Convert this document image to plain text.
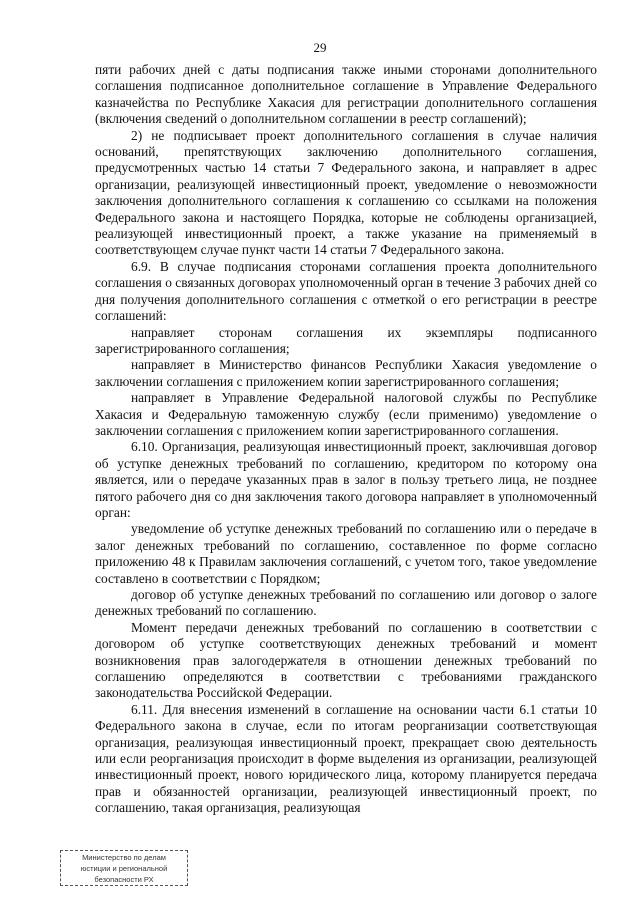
29

пяти рабочих дней с даты подписания также иными сторонами дополнительного соглашения подписанное дополнительное соглашение в Управление Федерального казначейства по Республике Хакасия для регистрации дополнительного соглашения (включения сведений о дополнительном соглашении в реестр соглашений);

2) не подписывает проект дополнительного соглашения в случае наличия оснований, препятствующих заключению дополнительного соглашения, предусмотренных частью 14 статьи 7 Федерального закона, и направляет в адрес организации, реализующей инвестиционный проект, уведомление о невозможности заключения дополнительного соглашения к соглашению со ссылками на положения Федерального закона и настоящего Порядка, которые не соблюдены организацией, реализующей инвестиционный проект, а также указание на применяемый в соответствующем случае пункт части 14 статьи 7 Федерального закона.

6.9. В случае подписания сторонами соглашения проекта дополнительного соглашения о связанных договорах уполномоченный орган в течение 3 рабочих дней со дня получения дополнительного соглашения с отметкой о его регистрации в реестре соглашений:

направляет сторонам соглашения их экземпляры подписанного зарегистрированного соглашения;

направляет в Министерство финансов Республики Хакасия уведомление о заключении соглашения с приложением копии зарегистрированного соглашения;

направляет в Управление Федеральной налоговой службы по Республике Хакасия и Федеральную таможенную службу (если применимо) уведомление о заключении соглашения с приложением копии зарегистрированного соглашения.

6.10. Организация, реализующая инвестиционный проект, заключившая договор об уступке денежных требований по соглашению, кредитором по которому она является, или о передаче указанных прав в залог в пользу третьего лица, не позднее пятого рабочего дня со дня заключения такого договора направляет в уполномоченный орган:

уведомление об уступке денежных требований по соглашению или о передаче в залог денежных требований по соглашению, составленное по форме согласно приложению 48 к Правилам заключения соглашений, с учетом того, такое уведомление составлено в соответствии с Порядком;

договор об уступке денежных требований по соглашению или договор о залоге денежных требований по соглашению.

Момент передачи денежных требований по соглашению в соответствии с договором об уступке соответствующих денежных требований и момент возникновения прав залогодержателя в отношении денежных требований по соглашению определяются в соответствии с требованиями гражданского законодательства Российской Федерации.

6.11. Для внесения изменений в соглашение на основании части 6.1 статьи 10 Федерального закона в случае, если по итогам реорганизации соответствующая организация, реализующая инвестиционный проект, прекращает свою деятельность или если реорганизация происходит в форме выделения из организации, реализующей инвестиционный проект, нового юридического лица, которому планируется передача прав и обязанностей организации, реализующей инвестиционный проект, по соглашению, такая организация, реализующая

Министерство по делам
юстиции и региональной
безопасности РХ
